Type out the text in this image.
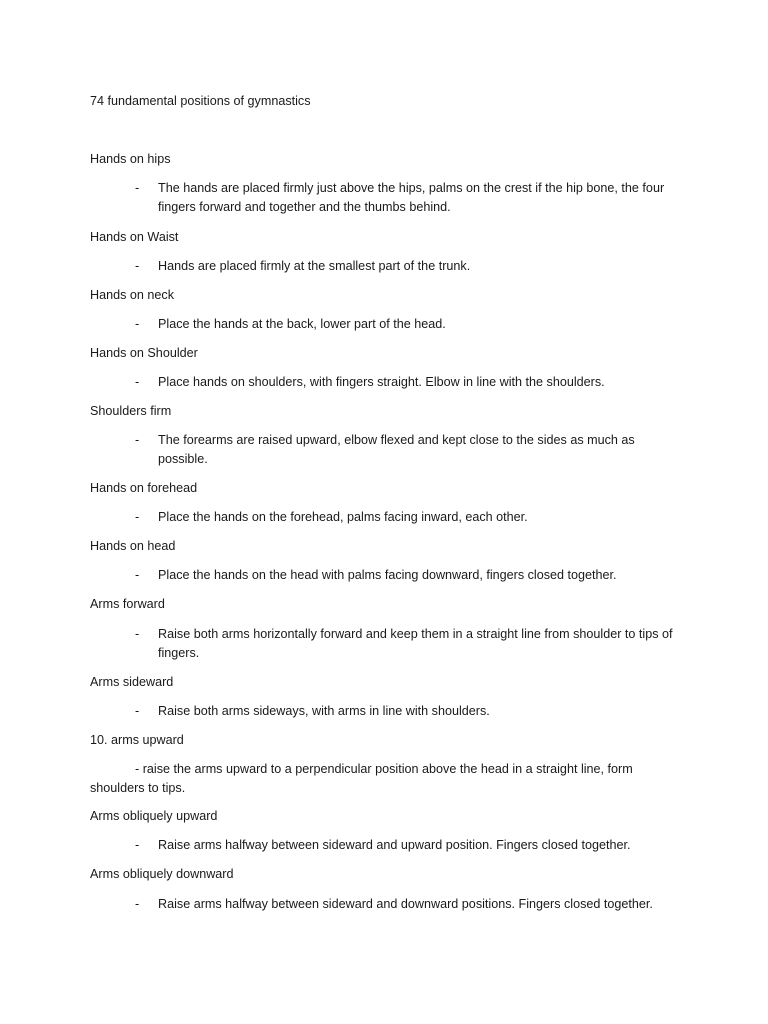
74 fundamental positions of gymnastics
Hands on hips
- The hands are placed firmly just above the hips, palms on the crest if the hip bone, the four fingers forward and together and the thumbs behind.
Hands on Waist
- Hands are placed firmly at the smallest part of the trunk.
Hands on neck
- Place the hands at the back, lower part of the head.
Hands on Shoulder
- Place hands on shoulders, with fingers straight. Elbow in line with the shoulders.
Shoulders firm
- The forearms are raised upward, elbow flexed and kept close to the sides as much as possible.
Hands on forehead
- Place the hands on the forehead, palms facing inward, each other.
Hands on head
- Place the hands on the head with palms facing downward, fingers closed together.
Arms forward
- Raise both arms horizontally forward and keep them in a straight line from shoulder to tips of fingers.
Arms sideward
- Raise both arms sideways, with arms in line with shoulders.
10. arms upward
- raise the arms upward to a perpendicular position above the head in a straight line, form
shoulders to tips.
Arms obliquely upward
- Raise arms halfway between sideward and upward position. Fingers closed together.
Arms obliquely downward
- Raise arms halfway between sideward and downward positions. Fingers closed together.
